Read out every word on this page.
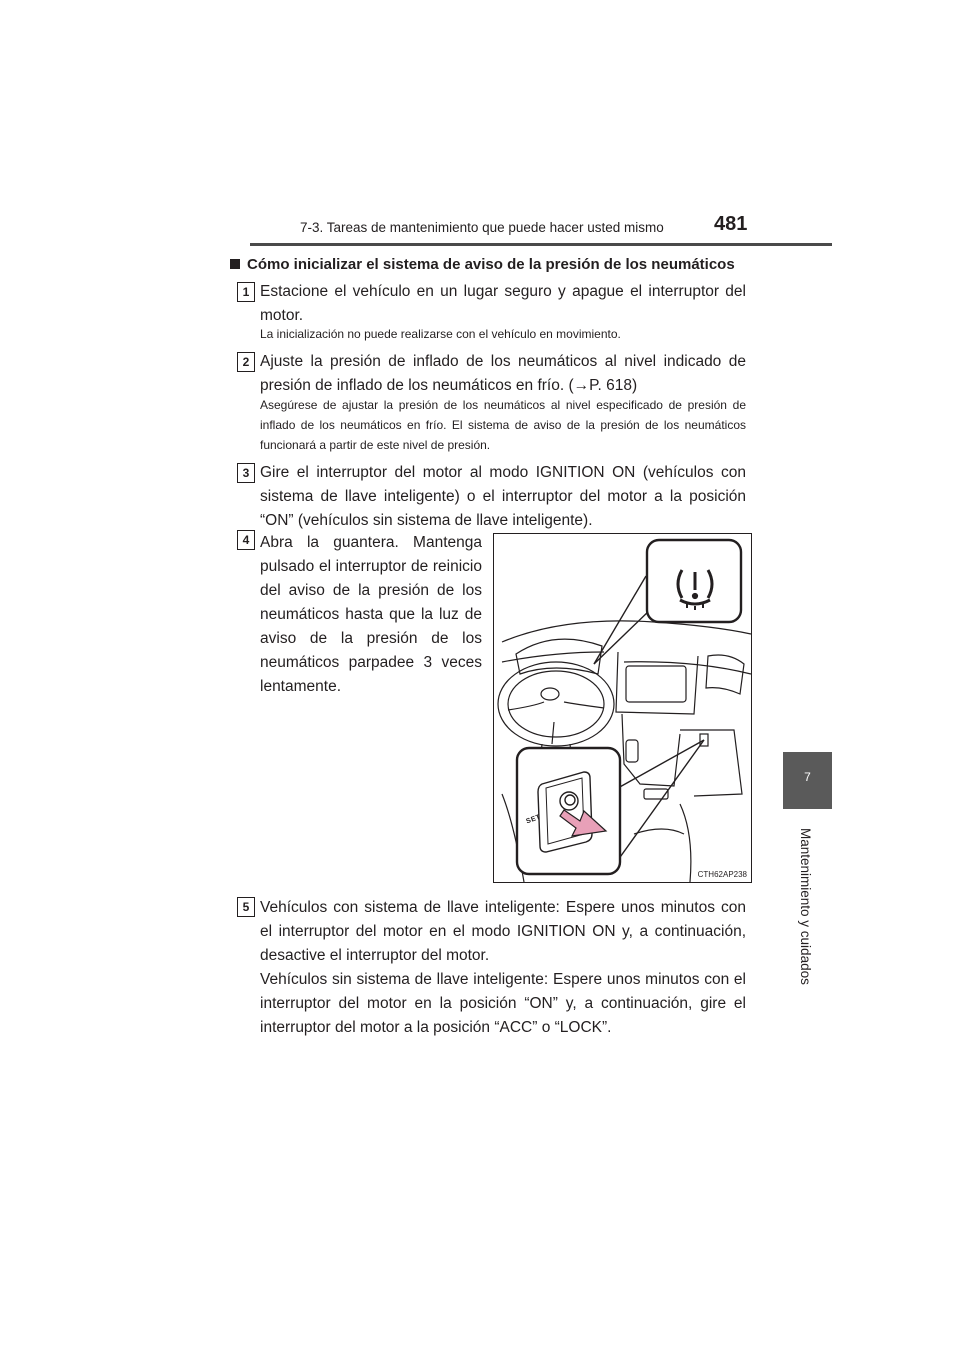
7-3. Tareas de mantenimiento que puede hacer usted mismo	481
7
Mantenimiento y cuidados
Cómo inicializar el sistema de aviso de la presión de los neumáticos
1 Estacione el vehículo en un lugar seguro y apague el interruptor del motor.
La inicialización no puede realizarse con el vehículo en movimiento.
2 Ajuste la presión de inflado de los neumáticos al nivel indicado de presión de inflado de los neumáticos en frío. (→P. 618)
Asegúrese de ajustar la presión de los neumáticos al nivel especificado de presión de inflado de los neumáticos en frío. El sistema de aviso de la presión de los neumáticos funcionará a partir de este nivel de presión.
3 Gire el interruptor del motor al modo IGNITION ON (vehículos con sistema de llave inteligente) o el interruptor del motor a la posición “ON” (vehículos sin sistema de llave inteligente).
4 Abra la guantera. Mantenga pulsado el interruptor de reinicio del aviso de la presión de los neumáticos hasta que la luz de aviso de la presión de los neumáticos parpadee 3 veces lentamente.
SET
CTH62AP238
5 Vehículos con sistema de llave inteligente: Espere unos minutos con el interruptor del motor en el modo IGNITION ON y, a continuación, desactive el interruptor del motor.
Vehículos sin sistema de llave inteligente: Espere unos minutos con el interruptor del motor en la posición “ON” y, a continuación, gire el interruptor del motor a la posición “ACC” o “LOCK”.
